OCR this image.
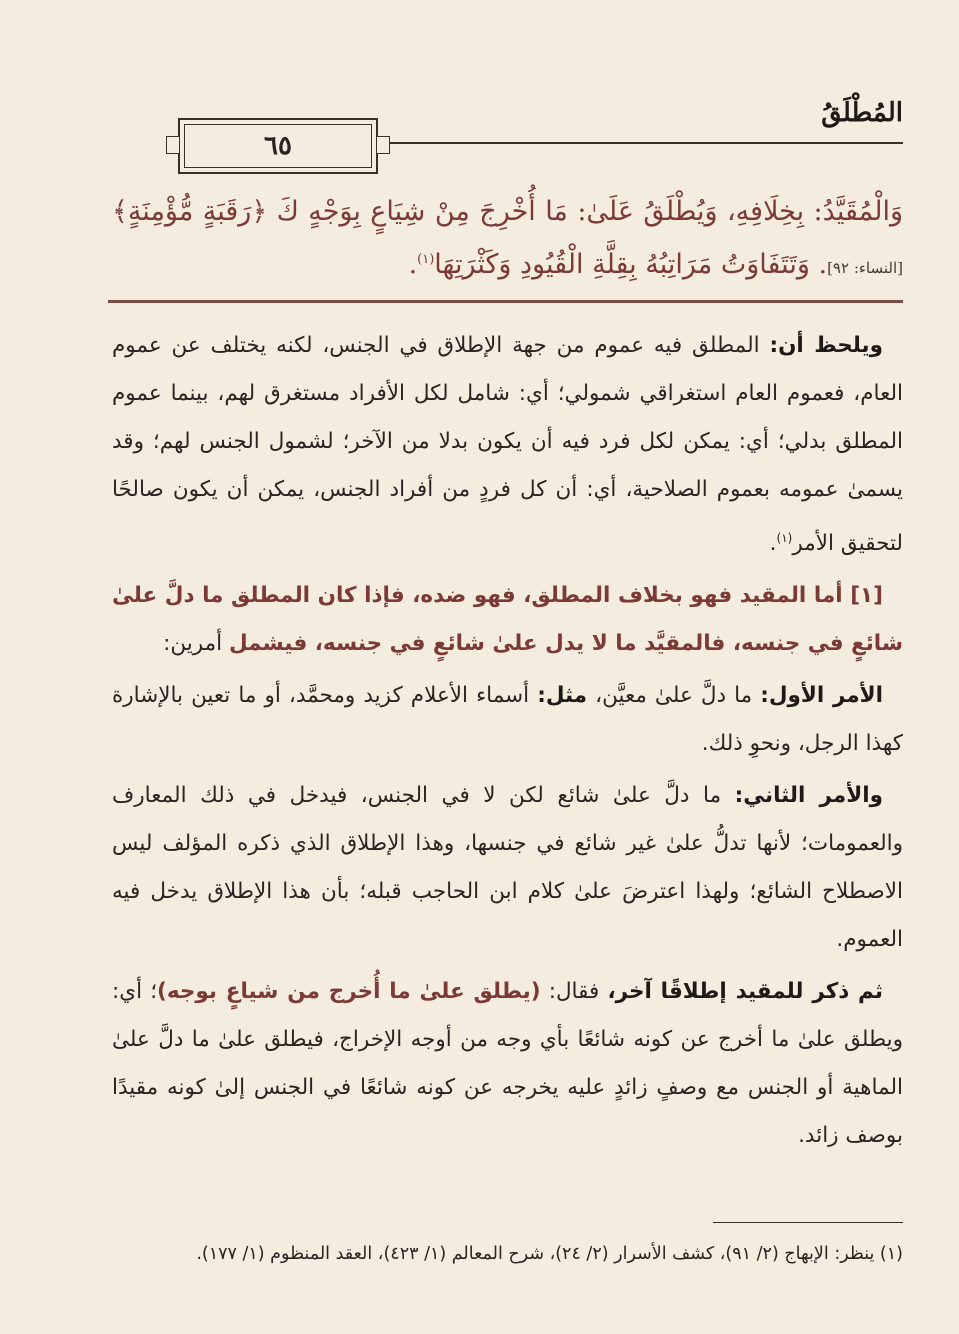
المُطْلَقُ
٦٥
وَالْمُقَيَّدُ: بِخِلَافِهِ، وَيُطْلَقُ عَلَىٰ: مَا أُخْرِجَ مِنْ شِيَاعٍ بِوَجْهٍ كَ ﴿رَقَبَةٍ مُّؤْمِنَةٍ﴾ [النساء: ٩٢]. وَتَتَفَاوَتُ مَرَاتِبُهُ بِقِلَّةِ الْقُيُودِ وَكَثْرَتِهَا$^{(١)}$.

ويلحظ أن: المطلق فيه عموم من جهة الإطلاق في الجنس، لكنه يختلف عن عموم العام، فعموم العام استغراقي شمولي؛ أي: شامل لكل الأفراد مستغرق لهم، بينما عموم المطلق بدلي؛ أي: يمكن لكل فرد فيه أن يكون بدلا من الآخر؛ لشمول الجنس لهم؛ وقد يسمىٰ عمومه بعموم الصلاحية، أي: أن كل فردٍ من أفراد الجنس، يمكن أن يكون صالحًا لتحقيق الأمر$^{(١)}$.

[١] أما المقيد فهو بخلاف المطلق، فهو ضده، فإذا كان المطلق ما دلَّ علىٰ شائعٍ في جنسه، فالمقيَّد ما لا يدل علىٰ شائعٍ في جنسه، فيشمل أمرين:

الأمر الأول: ما دلَّ علىٰ معيَّن، مثل: أسماء الأعلام كزيد ومحمَّد، أو ما تعين بالإشارة كهذا الرجل، ونحوِ ذلك.

والأمر الثاني: ما دلَّ علىٰ شائع لكن لا في الجنس، فيدخل في ذلك المعارف والعمومات؛ لأنها تدلُّ علىٰ غير شائع في جنسها، وهذا الإطلاق الذي ذكره المؤلف ليس الاصطلاح الشائع؛ ولهذا اعترضَ علىٰ كلام ابن الحاجب قبله؛ بأن هذا الإطلاق يدخل فيه العموم.

ثم ذكر للمقيد إطلاقًا آخر، فقال: (يطلق علىٰ ما أُخرج من شياعٍ بوجه)؛ أي: ويطلق علىٰ ما أخرج عن كونه شائعًا بأي وجه من أوجه الإخراج، فيطلق علىٰ ما دلَّ علىٰ الماهية أو الجنس مع وصفٍ زائدٍ عليه يخرجه عن كونه شائعًا في الجنس إلىٰ كونه مقيدًا بوصف زائد.

(١) ينظر: الإبهاج (٢/ ٩١)، كشف الأسرار (٢/ ٢٤)، شرح المعالم (١/ ٤٢٣)، العقد المنظوم (١/ ١٧٧).
